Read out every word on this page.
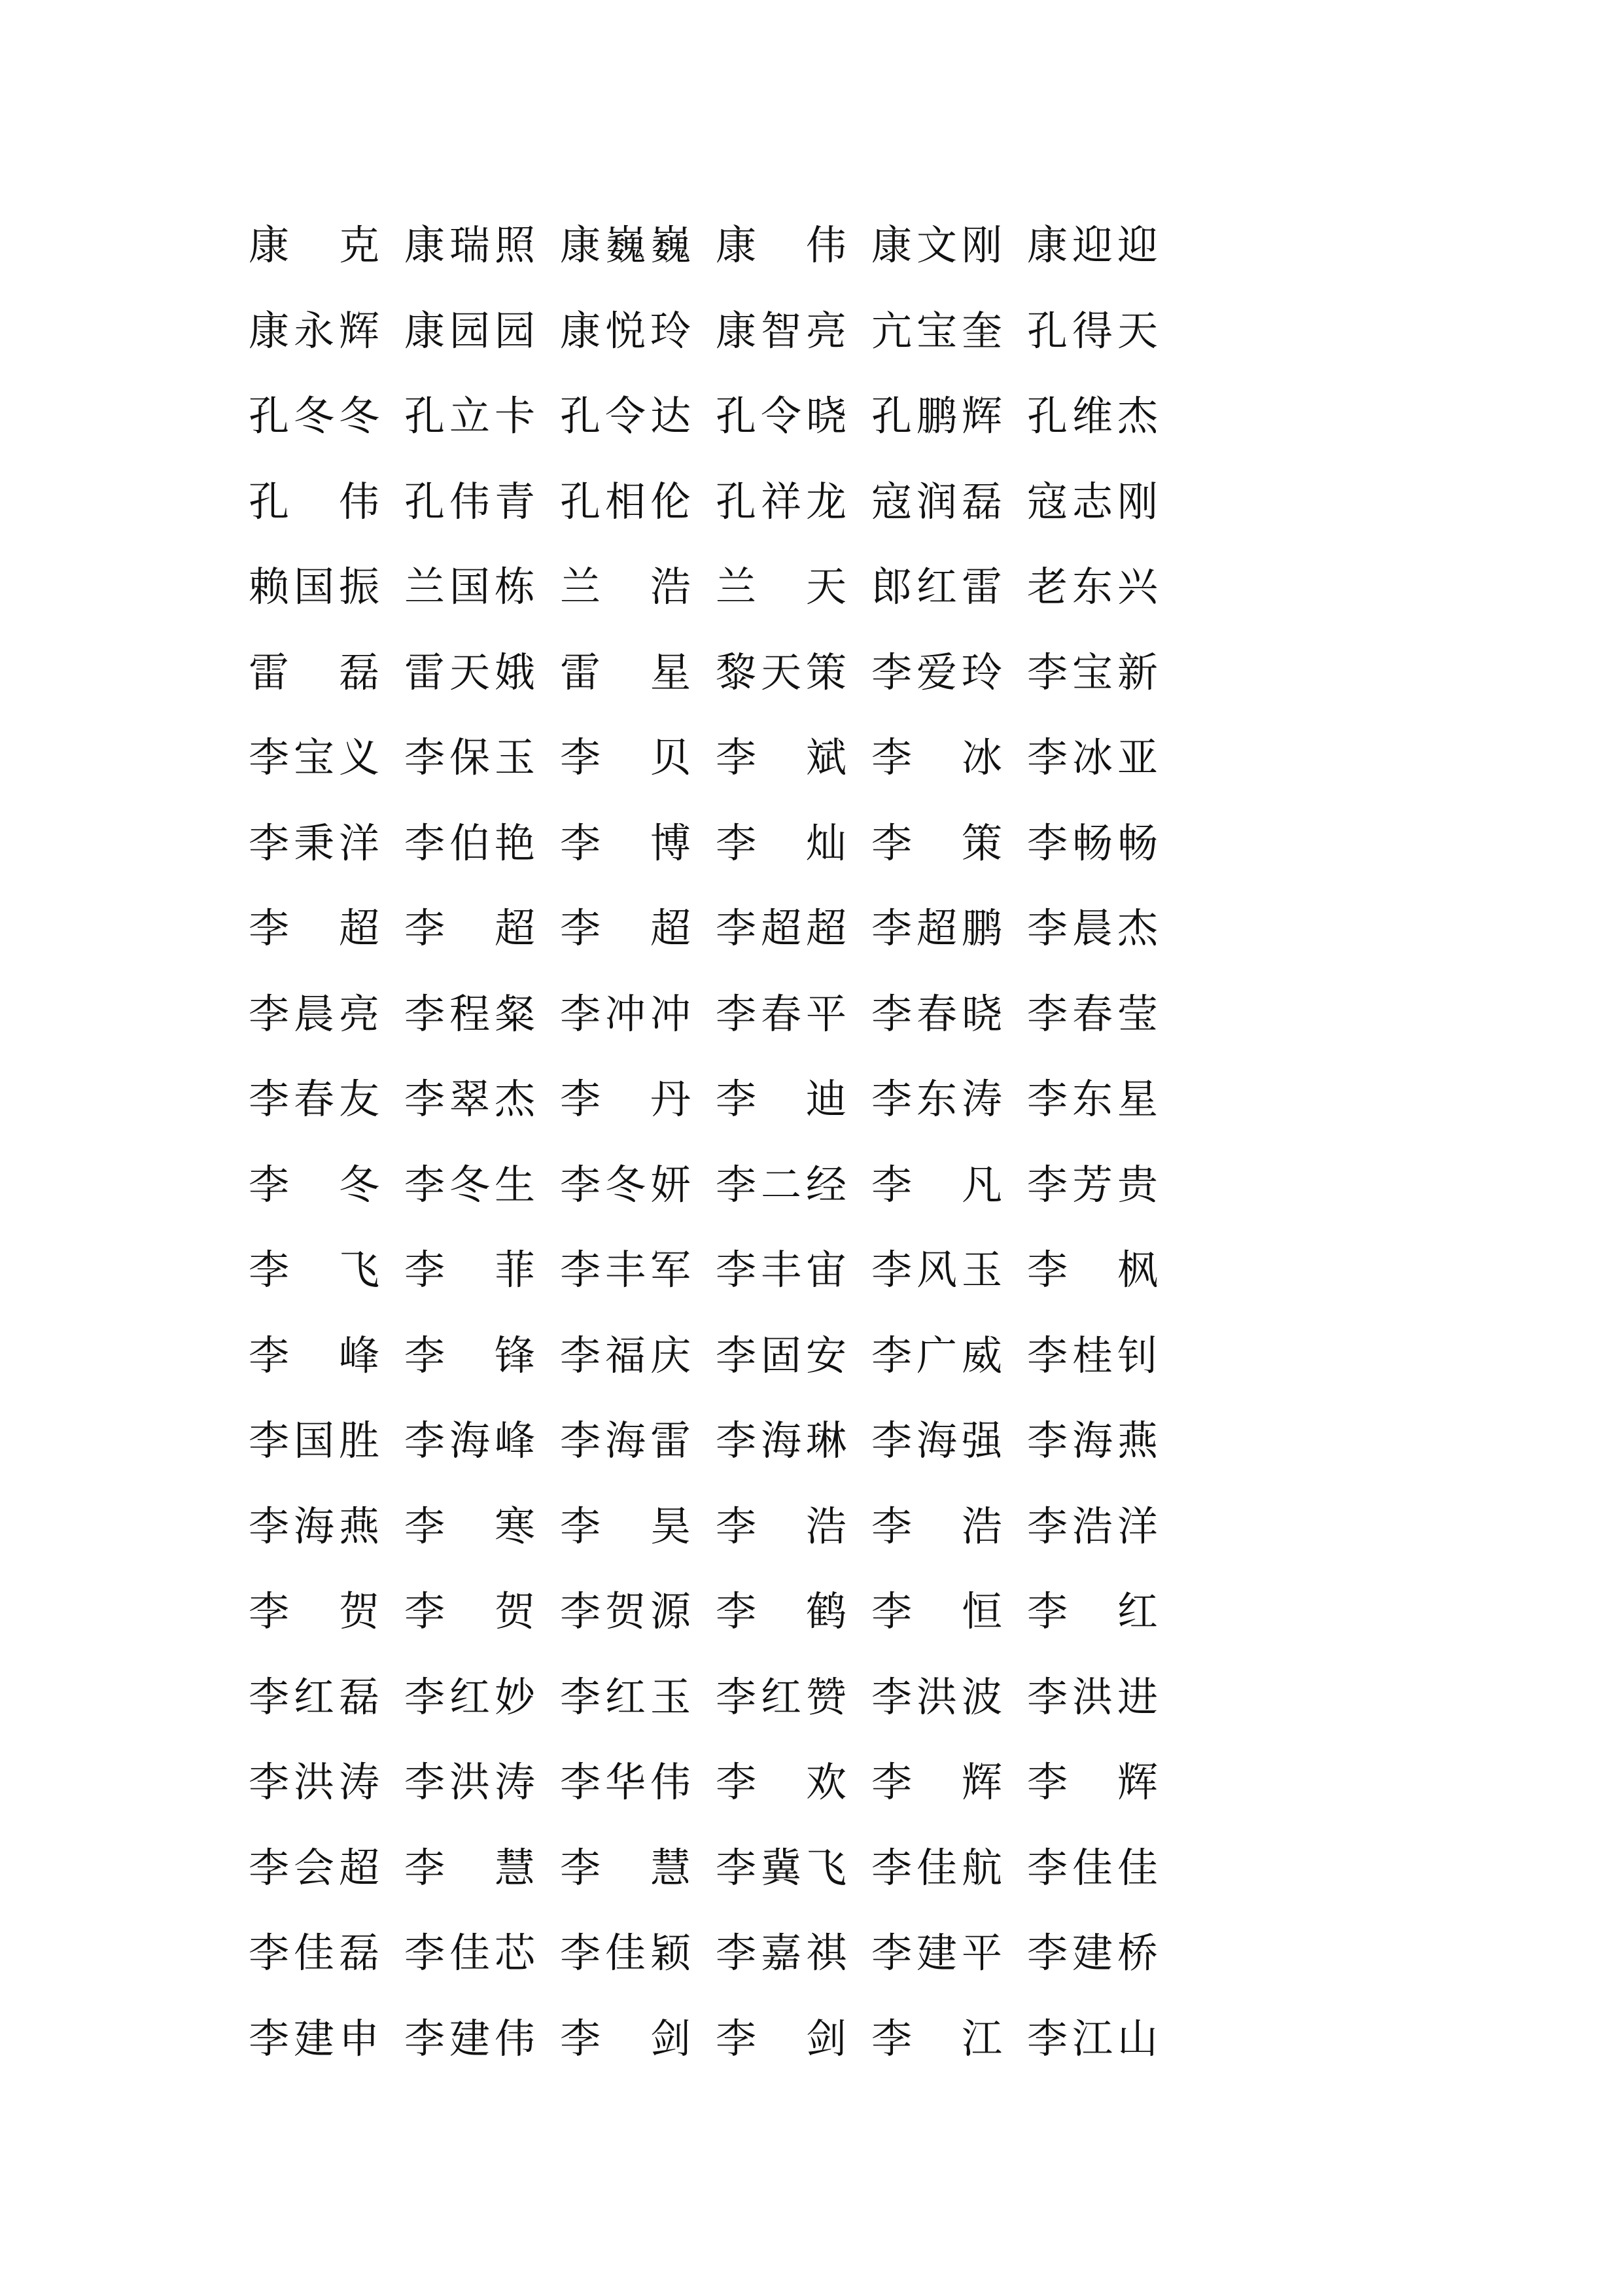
康 克 康 瑞 照 康 巍 巍 康 伟 康 文 刚 康 迎 迎
康 永 辉 康 园 园 康 悦 玲 康 智 亮 亢 宝 奎 孔 得 天
孔 冬 冬 孔 立 卡 孔 令 达 孔 令 晓 孔 鹏 辉 孔 维 杰
孔 伟 孔 伟 青 孔 相 伦 孔 祥 龙 寇 润 磊 寇 志 刚
赖 国 振 兰 国 栋 兰 浩 兰 天 郎 红 雷 老 东 兴
雷 磊 雷 天 娥 雷 星 黎 天 策 李 爱 玲 李 宝 新
李 宝 义 李 保 玉 李 贝 李 斌 李 冰 李 冰 亚
李 秉 洋 李 伯 艳 李 博 李 灿 李 策 李 畅 畅
李 超 李 超 李 超 李 超 超 李 超 鹏 李 晨 杰
李 晨 亮 李 程 粲 李 冲 冲 李 春 平 李 春 晓 李 春 莹
李 春 友 李 翠 杰 李 丹 李 迪 李 东 涛 李 东 星
李 冬 李 冬 生 李 冬 妍 李 二 经 李 凡 李 芳 贵
李 飞 李 菲 李 丰 军 李 丰 宙 李 风 玉 李 枫
李 峰 李 锋 李 福 庆 李 固 安 李 广 威 李 桂 钊
李 国 胜 李 海 峰 李 海 雷 李 海 琳 李 海 强 李 海 燕
李 海 燕 李 寒 李 昊 李 浩 李 浩 李 浩 洋
李 贺 李 贺 李 贺 源 李 鹤 李 恒 李 红
李 红 磊 李 红 妙 李 红 玉 李 红 赞 李 洪 波 李 洪 进
李 洪 涛 李 洪 涛 李 华 伟 李 欢 李 辉 李 辉
李 会 超 李 慧 李 慧 李 冀 飞 李 佳 航 李 佳 佳
李 佳 磊 李 佳 芯 李 佳 颖 李 嘉 祺 李 建 平 李 建 桥
李 建 申 李 建 伟 李 剑 李 剑 李 江 李 江 山
